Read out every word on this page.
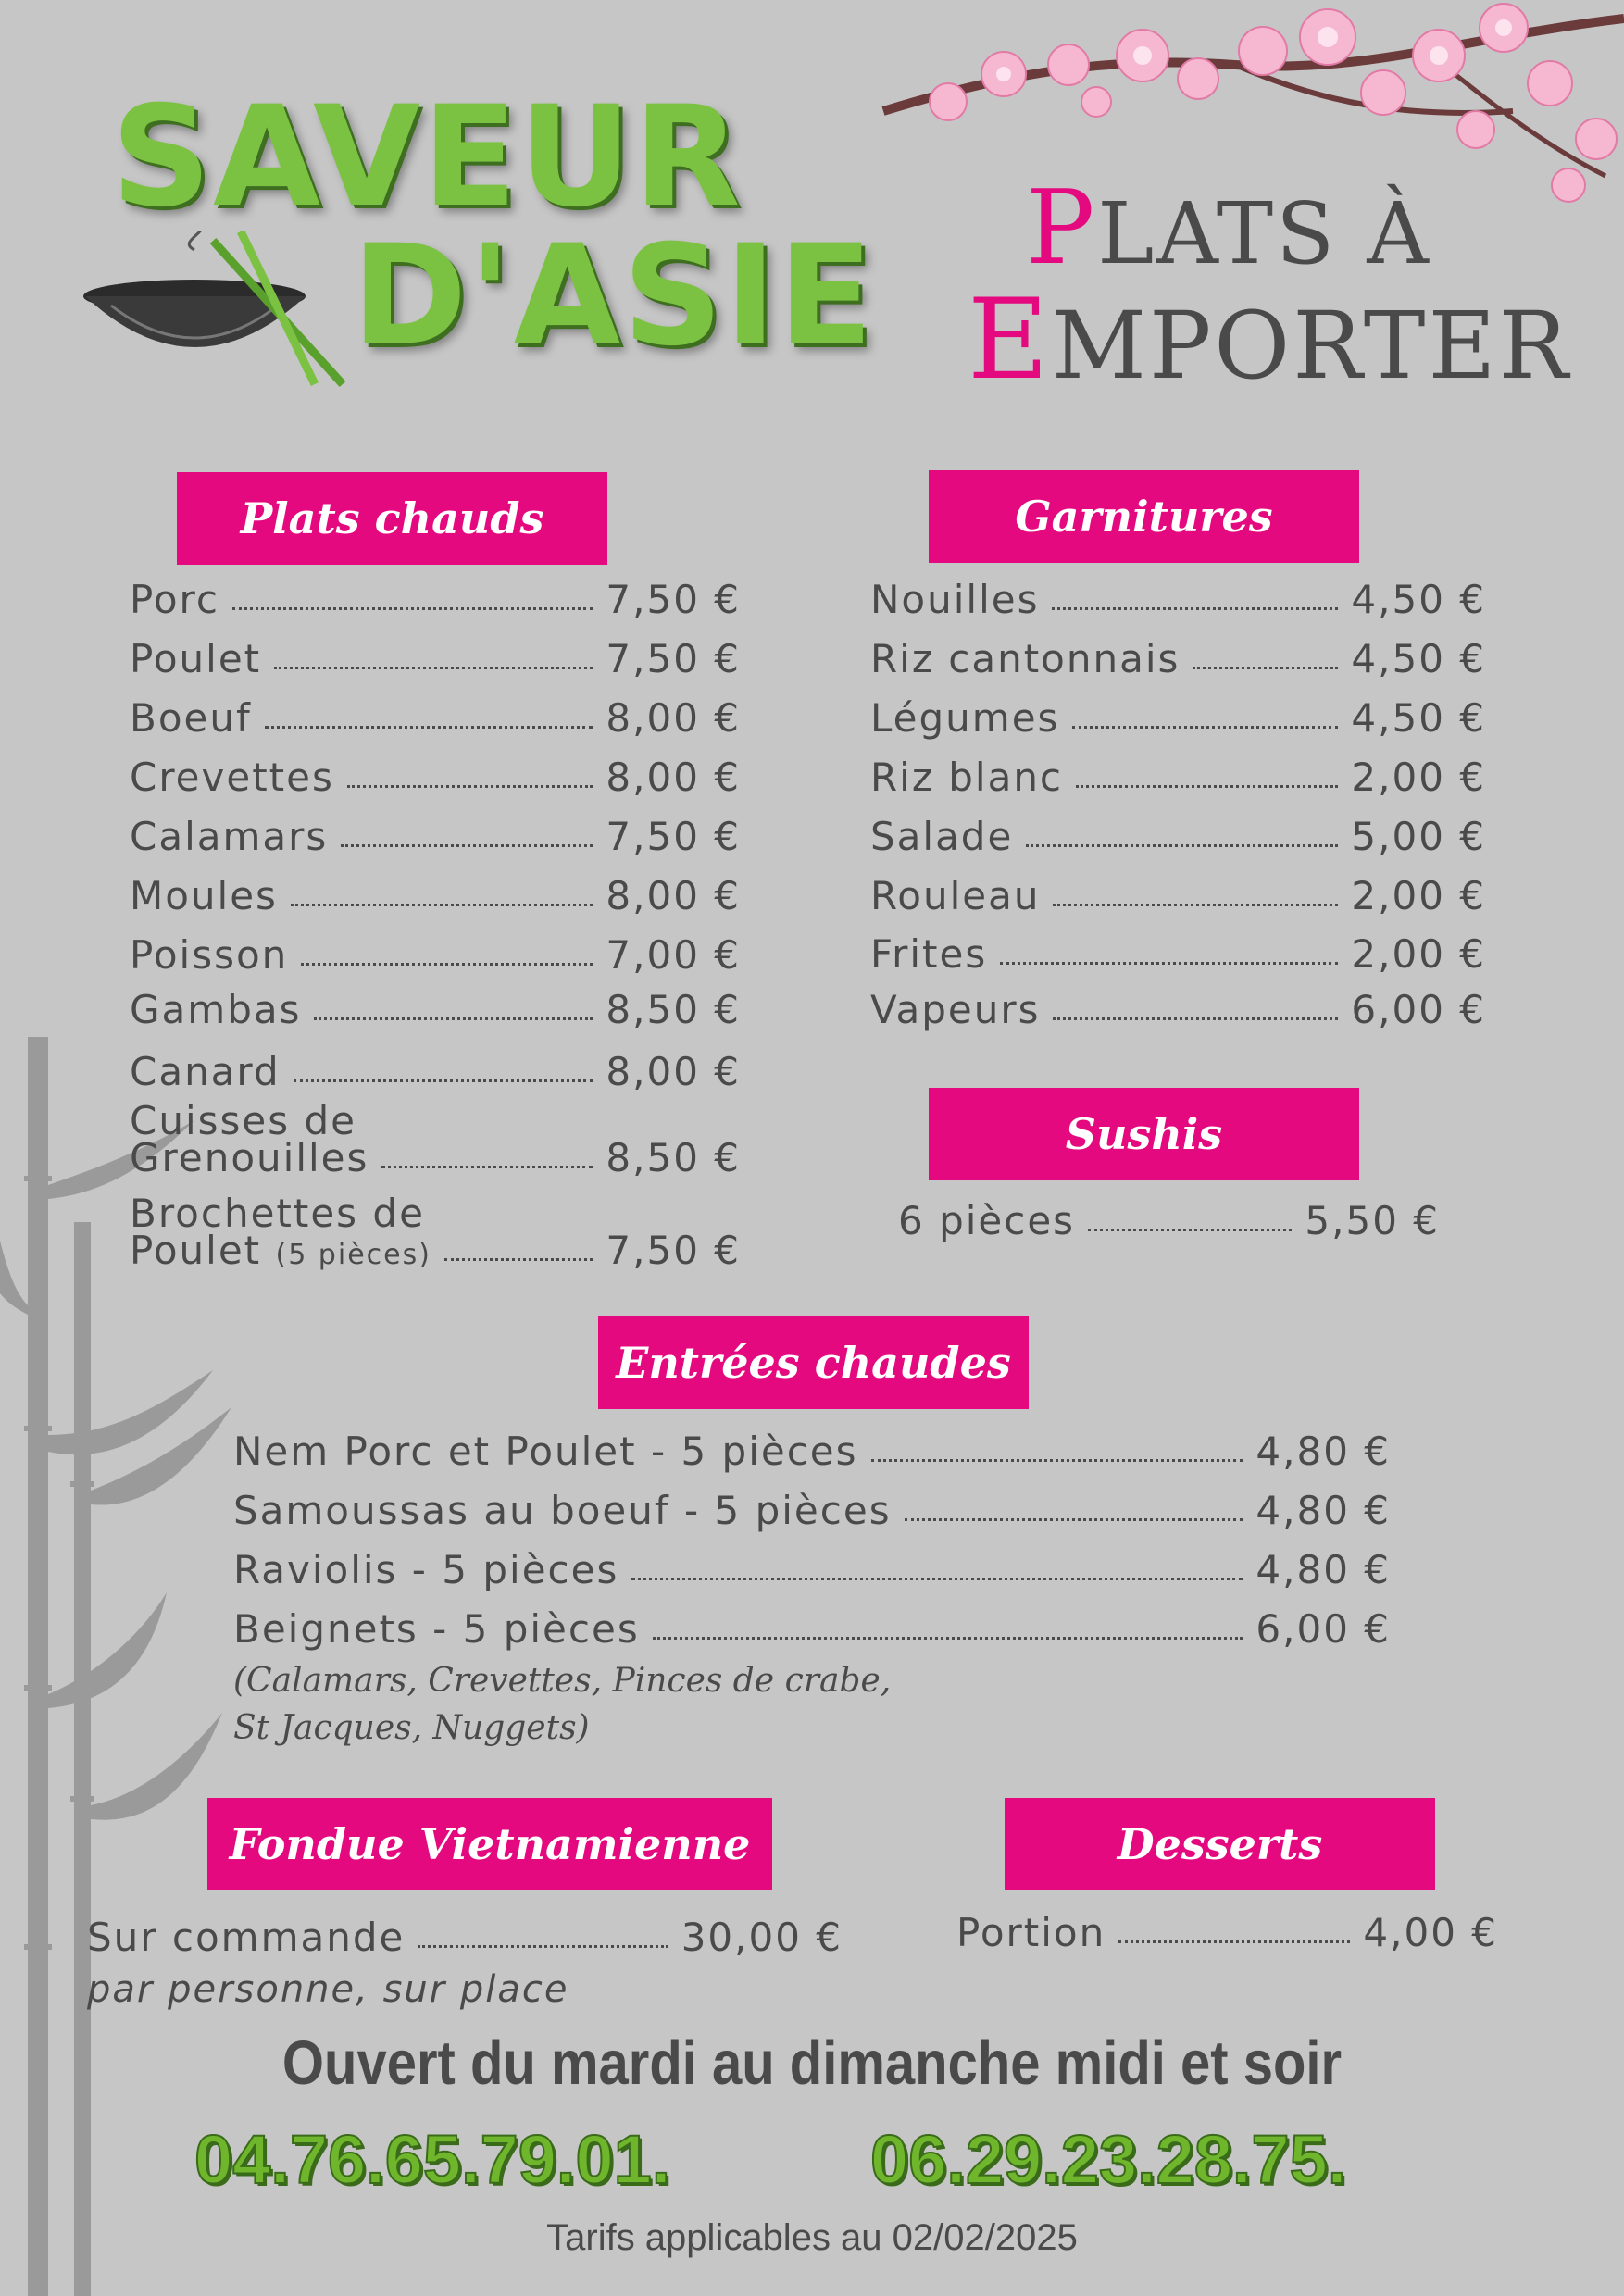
SAVEUR
D'ASIE PLATS À
EMPORTER
Plats chauds
Porc	7,50 €
Poulet	7,50 €
Boeuf	8,00 €
Crevettes	8,00 €
Calamars	7,50 €
Moules	8,00 €
Poisson	7,00 €
Gambas	8,50 €
Canard	8,00 €
Cuisses de
Grenouilles	8,50 €
Brochettes de
Poulet (5 pièces)	7,50 €
Garnitures
Nouilles	4,50 €
Riz cantonnais	4,50 €
Légumes	4,50 €
Riz blanc	2,00 €
Salade	5,00 €
Rouleau	2,00 €
Frites	2,00 €
Vapeurs	6,00 €
Sushis
6 pièces	5,50 €
Entrées chaudes
Nem Porc et Poulet - 5 pièces	4,80 €
Samoussas au boeuf - 5 pièces	4,80 €
Raviolis - 5 pièces	4,80 €
Beignets - 5 pièces	6,00 €
(Calamars, Crevettes, Pinces de crabe,
St Jacques, Nuggets)
Fondue Vietnamienne
Sur commande	30,00 €
par personne, sur place
Desserts
Portion	4,00 €
Ouvert du mardi au dimanche midi et soir
04.76.65.79.01.	06.29.23.28.75.
Tarifs applicables au 02/02/2025
